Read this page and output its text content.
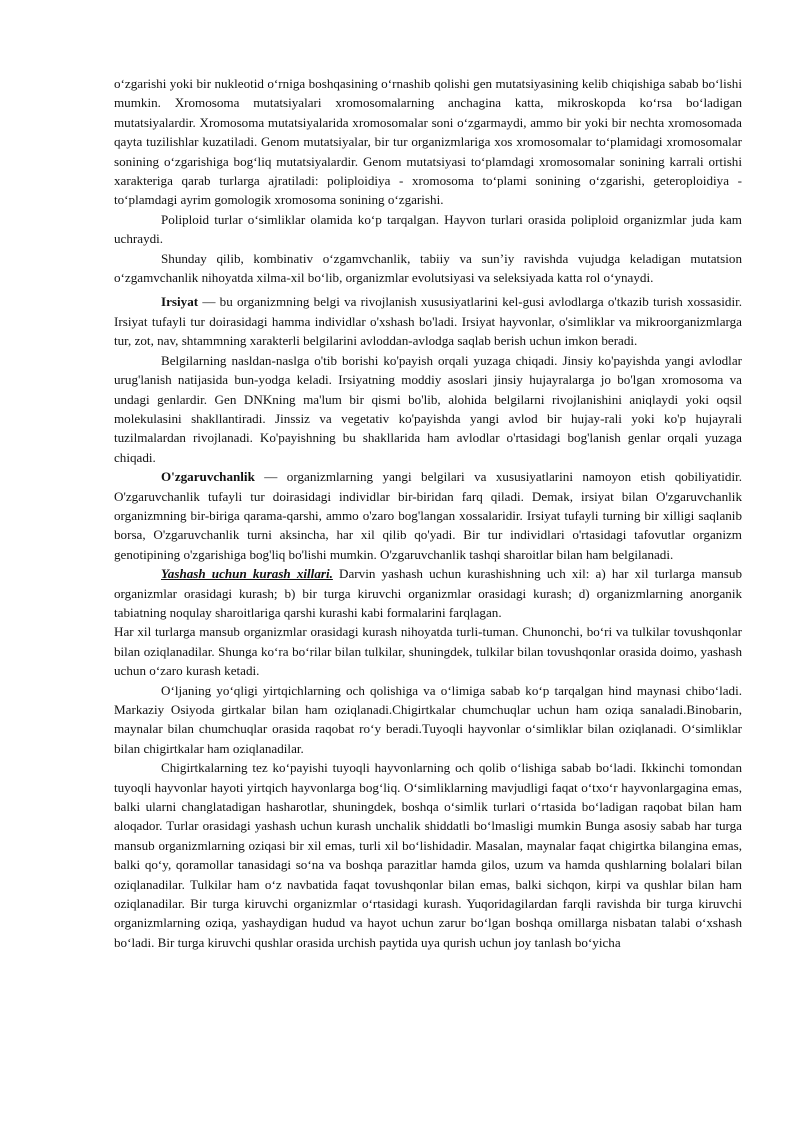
o‘zgarishi yoki bir nukleotid o‘rniga boshqasining o‘rnashib qolishi gen mutatsiyasining kelib chiqishiga sabab bo‘lishi mumkin. Xromosoma mutatsiyalari xromosomalarning anchagina katta, mikroskopda ko‘rsa bo‘ladigan mutatsiyalardir. Xromosoma mutatsiyalarida xromosomalar soni o‘zgarmaydi, ammo bir yoki bir nechta xromosomada qayta tuzilishlar kuzatiladi. Genom mutatsiyalar, bir tur organizmlariga xos xromosomalar to‘plamidagi xromosomalar sonining o‘zgarishiga bog‘liq mutatsiyalardir. Genom mutatsiyasi to‘plamdagi xromosomalar sonining karrali ortishi xarakteriga qarab turlarga ajratiladi: poliploidiya - xromosoma to‘plami sonining o‘zgarishi, geteroploidiya - to‘plamdagi ayrim gomologik xromosoma sonining o‘zgarishi.

Poliploid turlar o‘simliklar olamida ko‘p tarqalgan. Hayvon turlari orasida poliploid organizmlar juda kam uchraydi.

Shunday qilib, kombinativ o‘zgamvchanlik, tabiiy va sun’iy ravishda vujudga keladigan mutatsion o‘zgamvchanlik nihoyatda xilma-xil bo‘lib, organizmlar evolutsiyasi va seleksiyada katta rol o‘ynaydi.

Irsiyat — bu organizmning belgi va rivojlanish xususiyatlarini kel-gusi avlodlarga o'tkazib turish xossasidir. Irsiyat tufayli tur doirasidagi hamma individlar o'xshash bo'ladi. Irsiyat hayvonlar, o'simliklar va mikroorganizmlarga tur, zot, nav, shtammning xarakterli belgilarini avloddan-avlodga saqlab berish uchun imkon beradi.

Belgilarning nasldan-naslga o'tib borishi ko'payish orqali yuzaga chiqadi. Jinsiy ko'payishda yangi avlodlar urug'lanish natijasida bun-yodga keladi. Irsiyatning moddiy asoslari jinsiy hujayralarga jo bo'lgan xromosoma va undagi genlardir. Gen DNKning ma'lum bir qismi bo'lib, alohida belgilarni rivojlanishini aniqlaydi yoki oqsil molekulasini shakllantiradi. Jinssiz va vegetativ ko'payishda yangi avlod bir hujay-rali yoki ko'p hujayrali tuzilmalardan rivojlanadi. Ko'payishning bu shakllarida ham avlodlar o'rtasidagi bog'lanish genlar orqali yuzaga chiqadi.

O'zgaruvchanlik — organizmlarning yangi belgilari va xususiyatlarini namoyon etish qobiliyatidir. O'zgaruvchanlik tufayli tur doirasidagi individlar bir-biridan farq qiladi. Demak, irsiyat bilan O'zgaruvchanlik organizmning bir-biriga qarama-qarshi, ammo o'zaro bog'langan xossalaridir. Irsiyat tufayli turning bir xilligi saqlanib borsa, O'zgaruvchanlik turni aksincha, har xil qilib qo'yadi. Bir tur individlari o'rtasidagi tafovutlar organizm genotipining o'zgarishiga bog'liq bo'lishi mumkin. O'zgaruvchanlik tashqi sharoitlar bilan ham belgilanadi.

Yashash uchun kurash xillari. Darvin yashash uchun kurashishning uch xil: a) har xil turlarga mansub organizmlar orasidagi kurash; b) bir turga kiruvchi organizmlar orasidagi kurash; d) organizmlarning anorganik tabiatning noqulay sharoitlariga qarshi kurashi kabi formalarini farqlagan.

Har xil turlarga mansub organizmlar orasidagi kurash nihoyatda turli-tuman. Chunonchi, bo‘ri va tulkilar tovushqonlar bilan oziqlanadilar. Shunga ko‘ra bo‘rilar bilan tulkilar, shuningdek, tulkilar bilan tovushqonlar orasida doimo, yashash uchun o‘zaro kurash ketadi.

O‘ljaning yo‘qligi yirtqichlarning och qolishiga va o‘limiga sabab ko‘p tarqalgan hind maynasi chibo‘ladi. Markaziy Osiyoda girtkalar bilan ham oziqlanadi.Chigirtkalar chumchuqlar uchun ham oziqa sanaladi.Binobarin, maynalar bilan chumchuqlar orasida raqobat ro‘y beradi.Tuyoqli hayvonlar o‘simliklar bilan oziqlanadi. O‘simliklar bilan chigirtkalar ham oziqlanadilar.

Chigirtkalarning tez ko‘payishi tuyoqli hayvonlarning och qolib o‘lishiga sabab bo‘ladi. Ikkinchi tomondan tuyoqli hayvonlar hayoti yirtqich hayvonlarga bog‘liq. O‘simliklarning mavjudligi faqat o‘txo‘r hayvonlargagina emas, balki ularni changlatadigan hasharotlar, shuningdek, boshqa o‘simlik turlari o‘rtasida bo‘ladigan raqobat bilan ham aloqador. Turlar orasidagi yashash uchun kurash unchalik shiddatli bo‘lmasligi mumkin Bunga asosiy sabab har turga mansub organizmlarning oziqasi bir xil emas, turli xil bo‘lishidadir. Masalan, maynalar faqat chigirtka bilangina emas, balki qo‘y, qoramollar tanasidagi so‘na va boshqa parazitlar hamda gilos, uzum va hamda qushlarning bolalari bilan oziqlanadilar. Tulkilar ham o‘z navbatida faqat tovushqonlar bilan emas, balki sichqon, kirpi va qushlar bilan ham oziqlanadilar. Bir turga kiruvchi organizmlar o‘rtasidagi kurash. Yuqoridagilardan farqli ravishda bir turga kiruvchi organizmlarning oziqa, yashaydigan hudud va hayot uchun zarur bo‘lgan boshqa omillarga nisbatan talabi o‘xshash bo‘ladi. Bir turga kiruvchi qushlar orasida urchish paytida uya qurish uchun joy tanlash bo‘yicha
